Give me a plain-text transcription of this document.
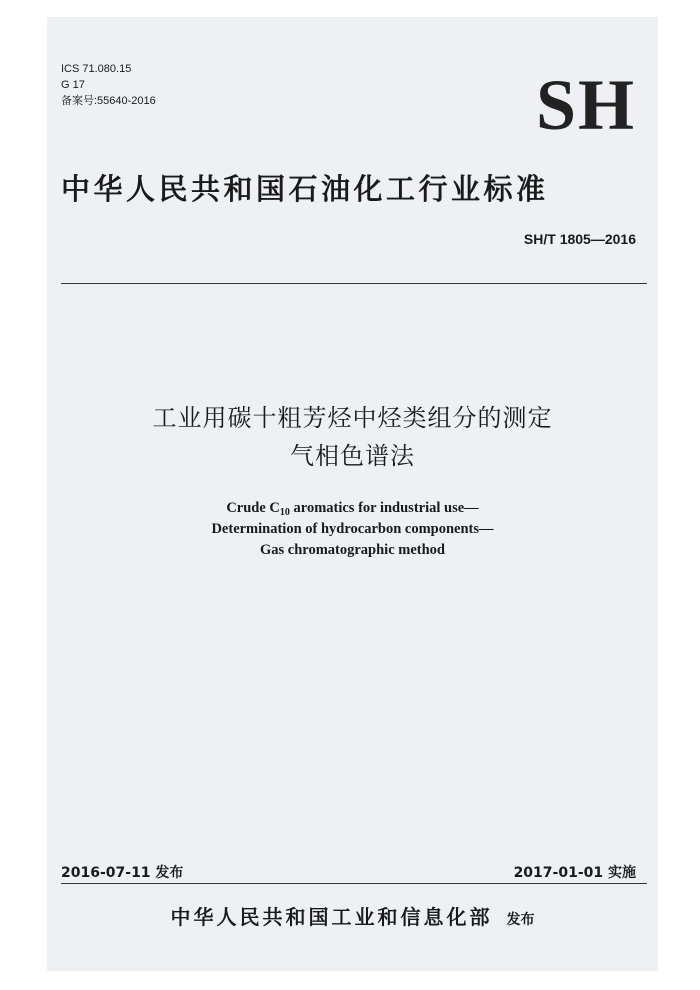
ICS 71.080.15
G 17
备案号:55640-2016	SH
中华人民共和国石油化工行业标准
SH/T 1805—2016
工业用碳十粗芳烃中烃类组分的测定
气相色谱法
Crude $C_{10}$ aromatics for industrial use—
Determination of hydrocarbon components—
Gas chromatographic method
2016-07-11 发布	2017-01-01 实施
中华人民共和国工业和信息化部 发布
